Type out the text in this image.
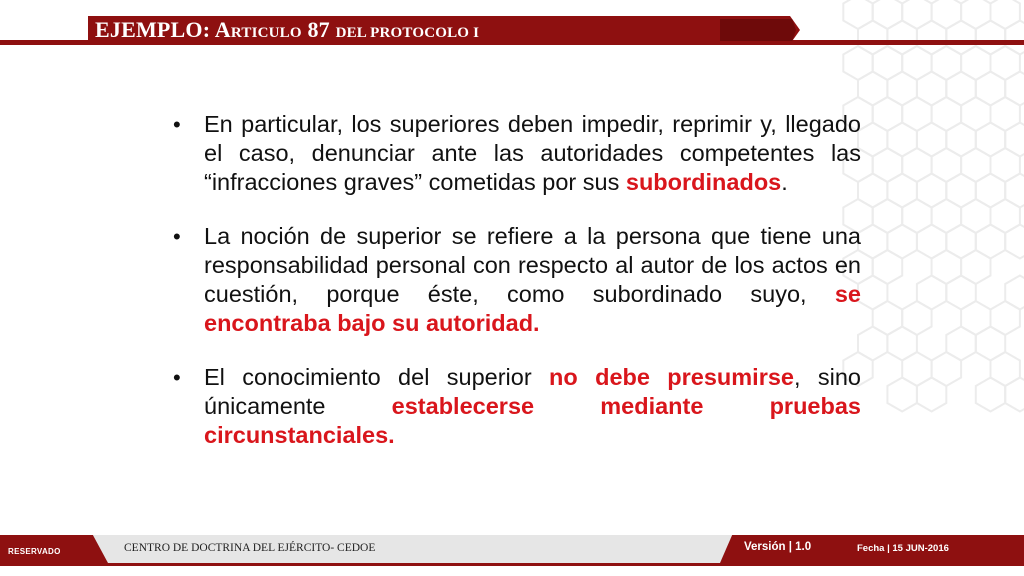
EJEMPLO: ARTICULO 87 DEL PROTOCOLO I

• En particular, los superiores deben impedir, reprimir y, llegado el caso, denunciar ante las autoridades competentes las “infracciones graves” cometidas por sus subordinados.

• La noción de superior se refiere a la persona que tiene una responsabilidad personal con respecto al autor de los actos en cuestión, porque éste, como subordinado suyo, se encontraba bajo su autoridad.

• El conocimiento del superior no debe presumirse, sino únicamente establecerse mediante pruebas circunstanciales.

RESERVADO	CENTRO DE DOCTRINA DEL EJÉRCITO- CEDOE	Versión | 1.0	Fecha | 15 JUN-2016
